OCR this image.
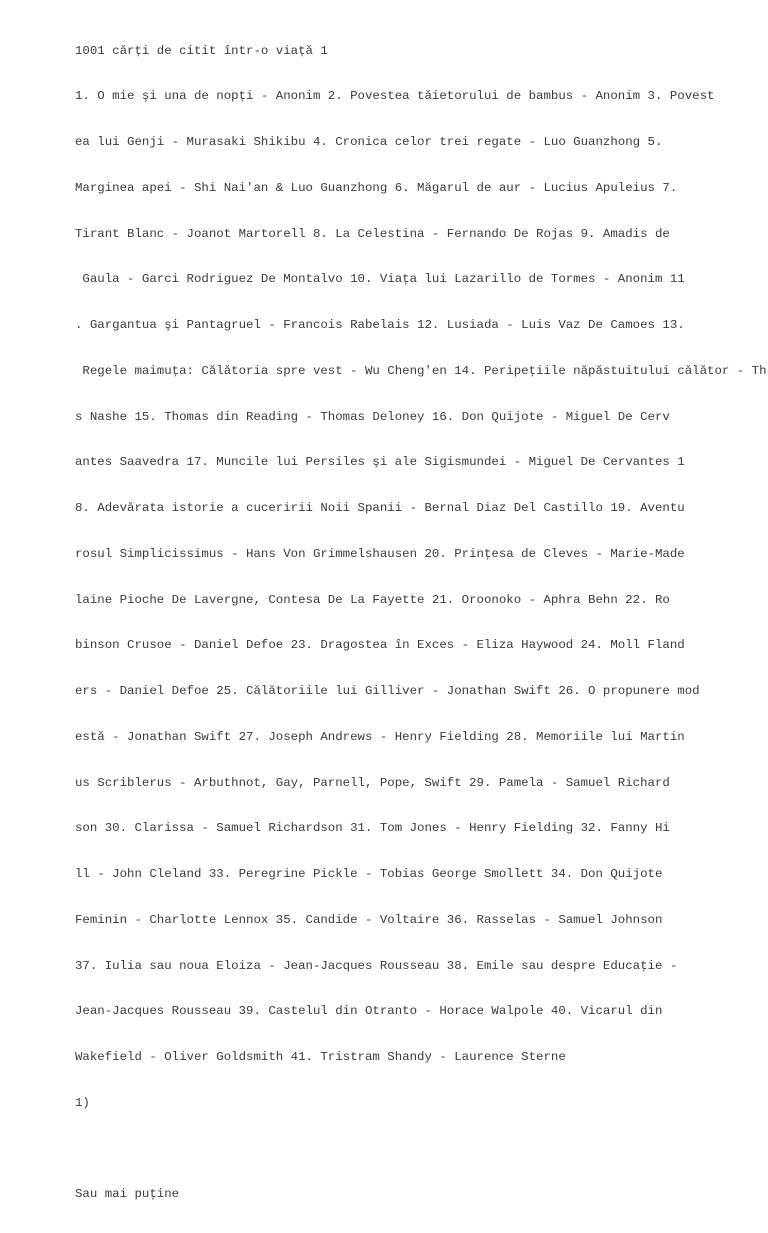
1001 cărți de citit într-o viață 1

1. O mie şi una de nopţi - Anonim 2. Povestea tăietorului de bambus - Anonim 3. Povest

ea lui Genji - Murasaki Shikibu 4. Cronica celor trei regate - Luo Guanzhong 5.

Marginea apei - Shi Nai'an & Luo Guanzhong 6. Măgarul de aur - Lucius Apuleius 7.

Tirant Blanc - Joanot Martorell 8. La Celestina - Fernando De Rojas 9. Amadis de

Gaula - Garci Rodriguez De Montalvo 10. Viaţa lui Lazarillo de Tormes - Anonim 11

. Gargantua şi Pantagruel - Francois Rabelais 12. Lusiada - Luis Vaz De Camoes 13.

Regele maimuţa: Călătoria spre vest - Wu Cheng'en 14. Peripeţiile năpăstuitului călător - Th

s Nashe 15. Thomas din Reading - Thomas Deloney 16. Don Quijote - Miguel De Cerv

antes Saavedra 17. Muncile lui Persiles şi ale Sigismundei - Miguel De Cervantes 1

8. Adevărata istorie a cuceririi Noii Spanii - Bernal Diaz Del Castillo 19. Aventu

rosul Simplicissimus - Hans Von Grimmelshausen 20. Prinţesa de Cleves - Marie-Made

laine Pioche De Lavergne, Contesa De La Fayette 21. Oroonoko - Aphra Behn 22. Ro

binson Crusoe - Daniel Defoe 23. Dragostea în Exces - Eliza Haywood 24. Moll Fland

ers - Daniel Defoe 25. Călătoriile lui Gilliver - Jonathan Swift 26. O propunere mod

estă - Jonathan Swift 27. Joseph Andrews - Henry Fielding 28. Memoriile lui Martin

us Scriblerus - Arbuthnot, Gay, Parnell, Pope, Swift 29. Pamela - Samuel Richard

son 30. Clarissa - Samuel Richardson 31. Tom Jones - Henry Fielding 32. Fanny Hi

ll - John Cleland 33. Peregrine Pickle - Tobias George Smollett 34. Don Quijote

Feminin - Charlotte Lennox 35. Candide - Voltaire 36. Rasselas - Samuel Johnson

37. Iulia sau noua Eloiza - Jean-Jacques Rousseau 38. Emile sau despre Educaţie -

Jean-Jacques Rousseau 39. Castelul din Otranto - Horace Walpole 40. Vicarul din

Wakefield - Oliver Goldsmith 41. Tristram Shandy - Laurence Sterne

1)

Sau mai puţine
